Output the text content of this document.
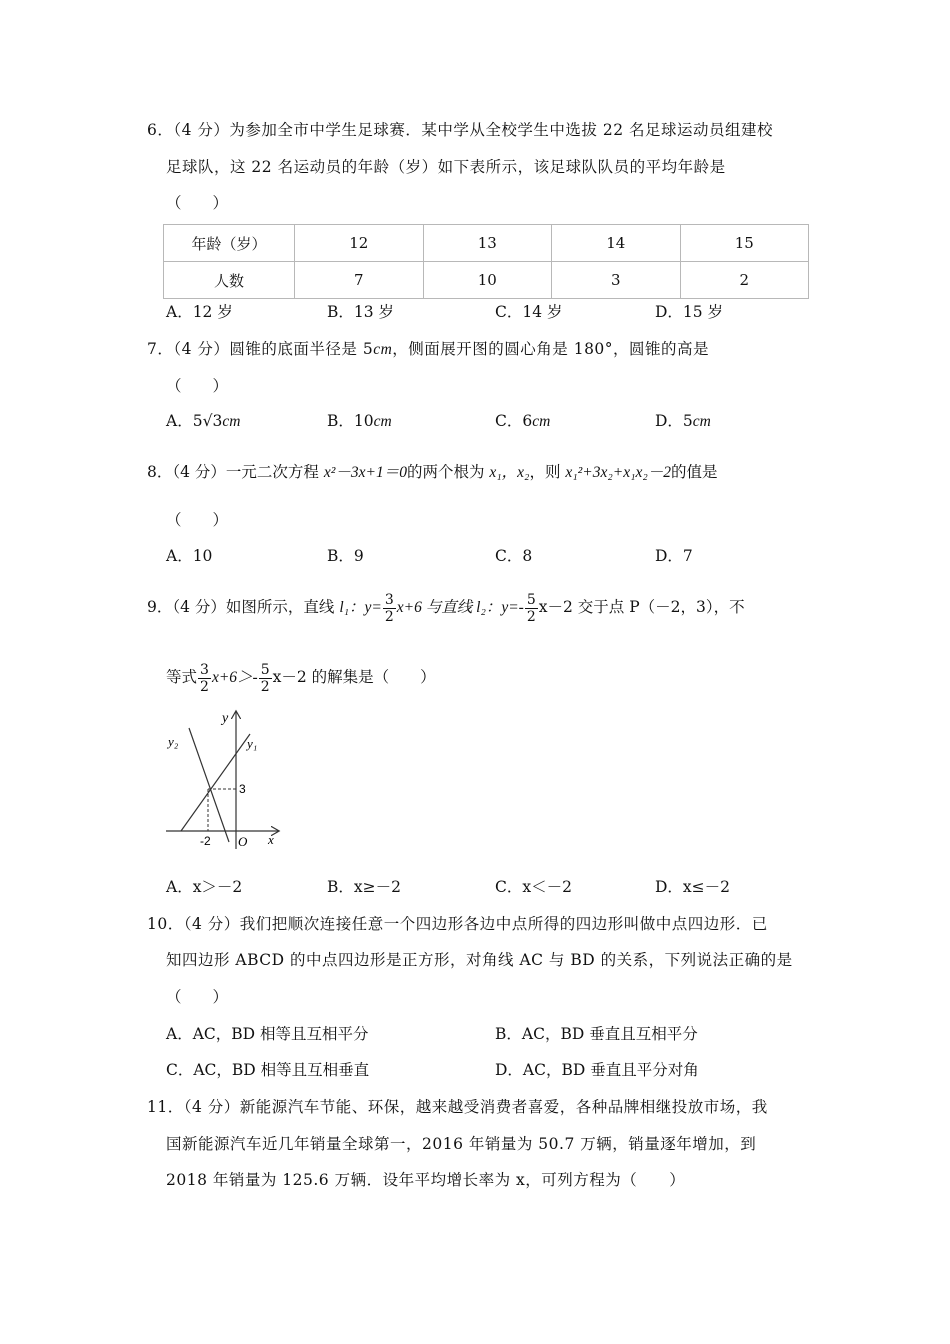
6．（4 分）为参加全市中学生足球赛．某中学从全校学生中选拔 22 名足球运动员组建校
足球队，这 22 名运动员的年龄（岁）如下表所示，该足球队队员的平均年龄是
（　　）
年龄（岁）	12	13	14	15
人数	7	10	3	2
A．12 岁	B．13 岁	C．14 岁	D．15 岁
7．（4 分）圆锥的底面半径是 5cm，侧面展开图的圆心角是 180°，圆锥的高是
（　　）
A．5√3cm	B．10cm	C．6cm	D．5cm
8．（4 分）一元二次方程 x²－3x+1＝0的两个根为 x₁，x₂，则 x₁²+3x₂+x₁x₂－2的值是
（　　）
A．10	B．9	C．8	D．7
9．（4 分）如图所示，直线 l₁：$y= \frac{3}{2} x+6$ 与直线 l₂：$y=- \frac{5}{2} x-2$ 交于点 P（－2，3），不
等式 $\frac{3}{2} x+6>- \frac{5}{2} x-2$ 的解集是（　　）
y
y₁
y₂
3
-2 O x
A．x＞－2	B．x≥－2	C．x＜－2	D．x≤－2
10．（4 分）我们把顺次连接任意一个四边形各边中点所得的四边形叫做中点四边形．已
知四边形 ABCD 的中点四边形是正方形，对角线 AC 与 BD 的关系，下列说法正确的是
（　　）
A．AC，BD 相等且互相平分	B．AC，BD 垂直且互相平分
C．AC，BD 相等且互相垂直	D．AC，BD 垂直且平分对角
11．（4 分）新能源汽车节能、环保，越来越受消费者喜爱，各种品牌相继投放市场，我
国新能源汽车近几年销量全球第一，2016 年销量为 50.7 万辆，销量逐年增加，到
2018 年销量为 125.6 万辆．设年平均增长率为 x，可列方程为（　　）
